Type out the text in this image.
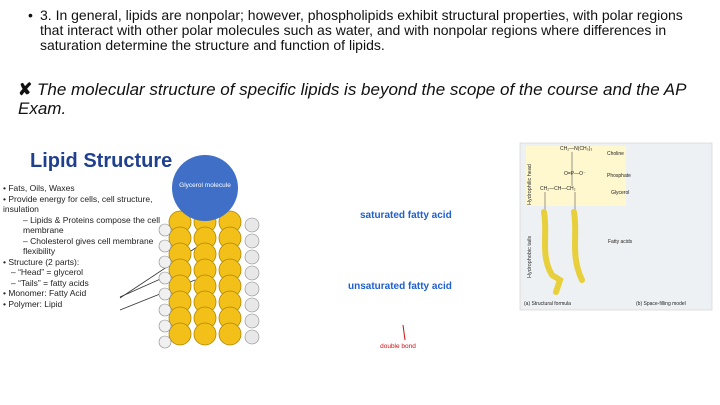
• 3. In general, lipids are nonpolar; however, phospholipids exhibit structural properties, with polar regions that interact with other polar molecules such as water, and with nonpolar regions where differences in saturation determine the structure and function of lipids.
✘ The molecular structure of specific lipids is beyond the scope of the course and the AP Exam.
Lipid Structure
• Fats, Oils, Waxes
• Provide energy for cells, cell structure, insulation
– Lipids & Proteins compose the cell membrane
– Cholesterol gives cell membrane flexibility
• Structure (2 parts):
– “Head” = glycerol
– “Tails” = fatty acids
• Monomer: Fatty Acid
• Polymer: Lipid
Glycerol molecule
saturated fatty acid
unsaturated fatty acid
double bond
Hydrophilic head
Hydrophobic tails
CH₂—N(CH₃)₃
O=P—O⁻
CH₂—CH—CH₂
Choline
Phosphate
Glycerol
Fatty acids
(a) Structural formula	(b) Space-filling model
